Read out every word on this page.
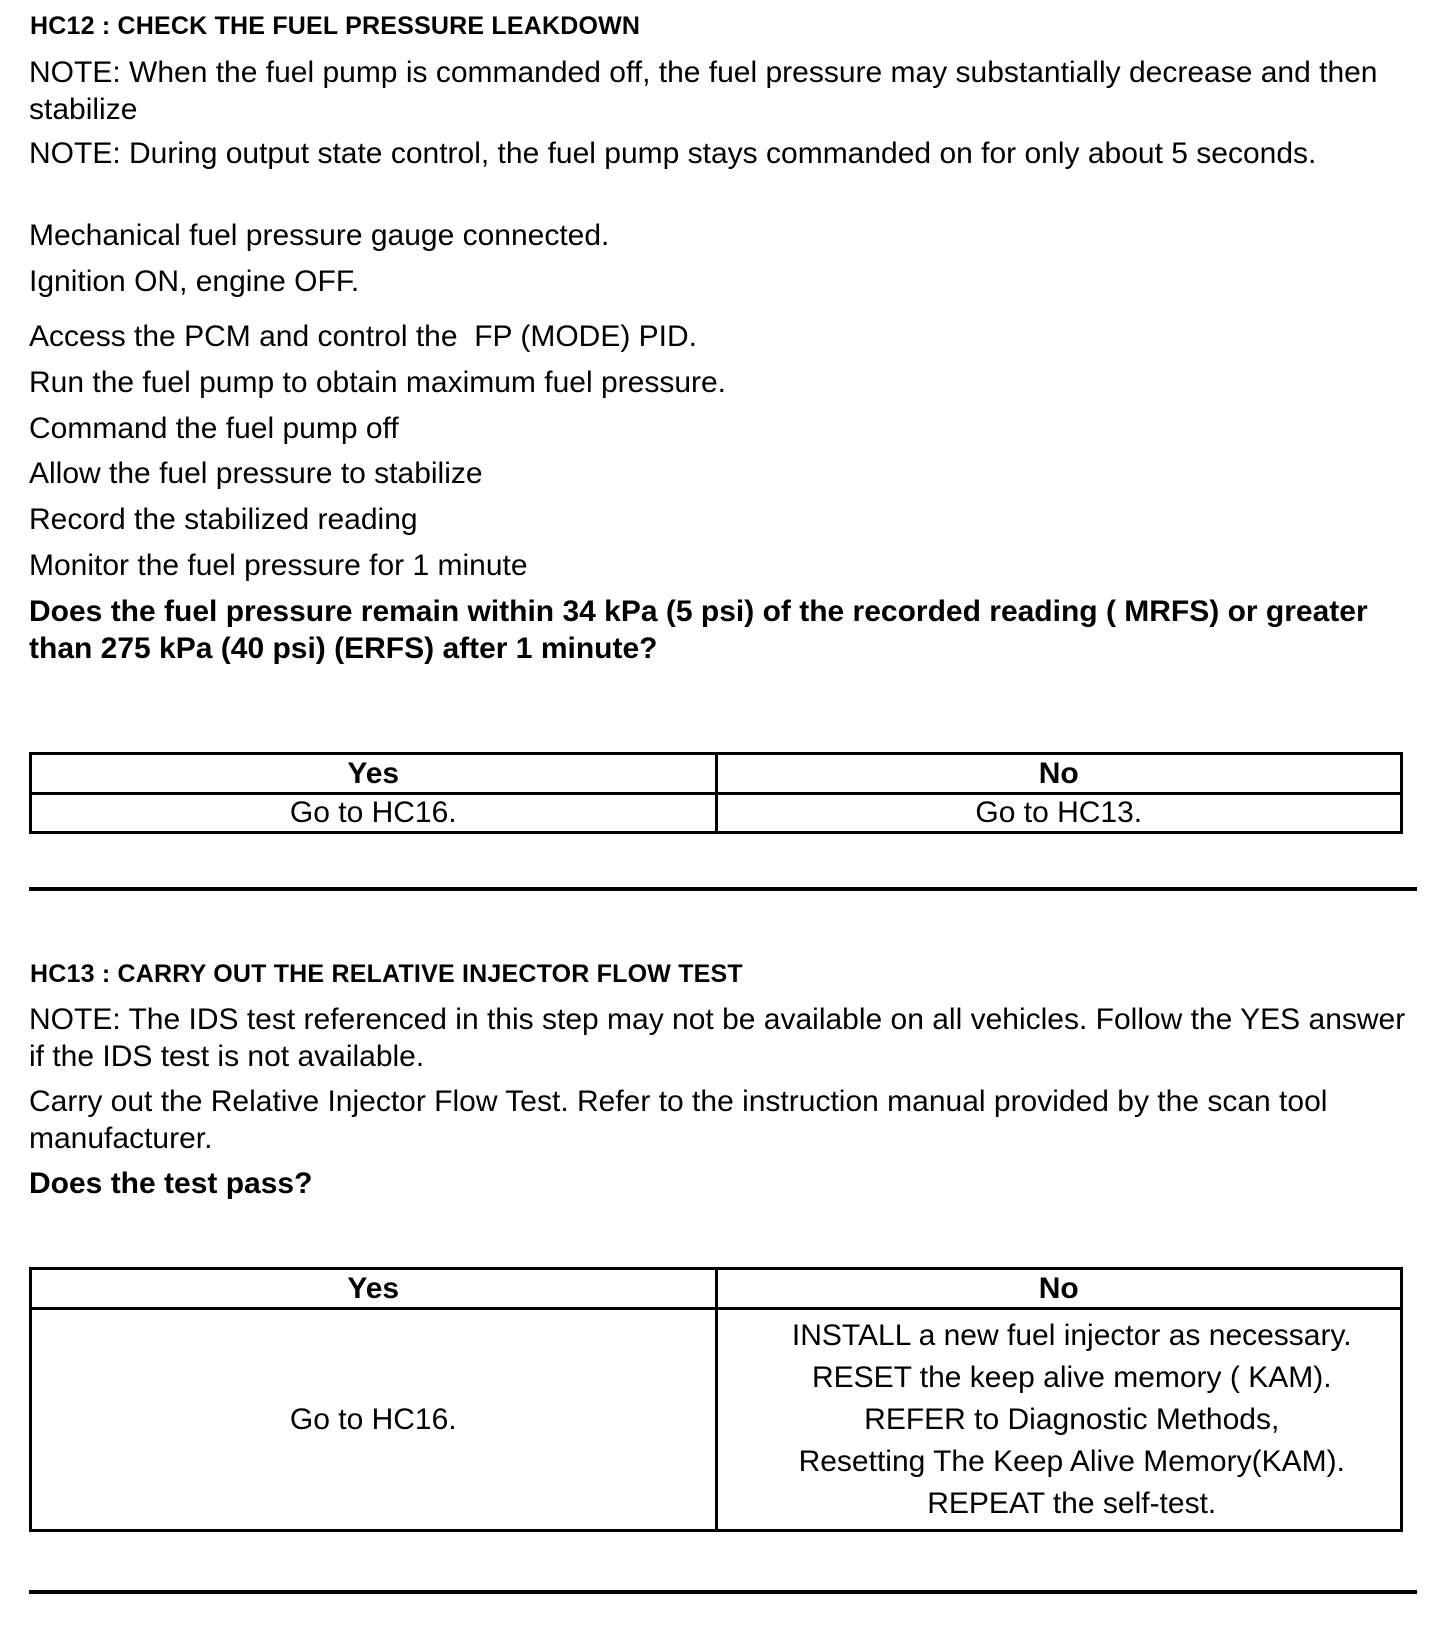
HC12 : CHECK THE FUEL PRESSURE LEAKDOWN
NOTE: When the fuel pump is commanded off, the fuel pressure may substantially decrease and then stabilize
NOTE: During output state control, the fuel pump stays commanded on for only about 5 seconds.
Mechanical fuel pressure gauge connected.
Ignition ON, engine OFF.
Access the PCM and control the  FP (MODE) PID.
Run the fuel pump to obtain maximum fuel pressure.
Command the fuel pump off
Allow the fuel pressure to stabilize
Record the stabilized reading
Monitor the fuel pressure for 1 minute
Does the fuel pressure remain within 34 kPa (5 psi) of the recorded reading ( MRFS) or greater than 275 kPa (40 psi) (ERFS) after 1 minute?
Yes	No
Go to HC16.	Go to HC13.
HC13 : CARRY OUT THE RELATIVE INJECTOR FLOW TEST
NOTE: The IDS test referenced in this step may not be available on all vehicles. Follow the YES answer if the IDS test is not available.
Carry out the Relative Injector Flow Test. Refer to the instruction manual provided by the scan tool manufacturer.
Does the test pass?
Yes	No
Go to HC16.	INSTALL a new fuel injector as necessary.
RESET the keep alive memory ( KAM).
REFER to Diagnostic Methods,
Resetting The Keep Alive Memory(KAM).
REPEAT the self-test.
